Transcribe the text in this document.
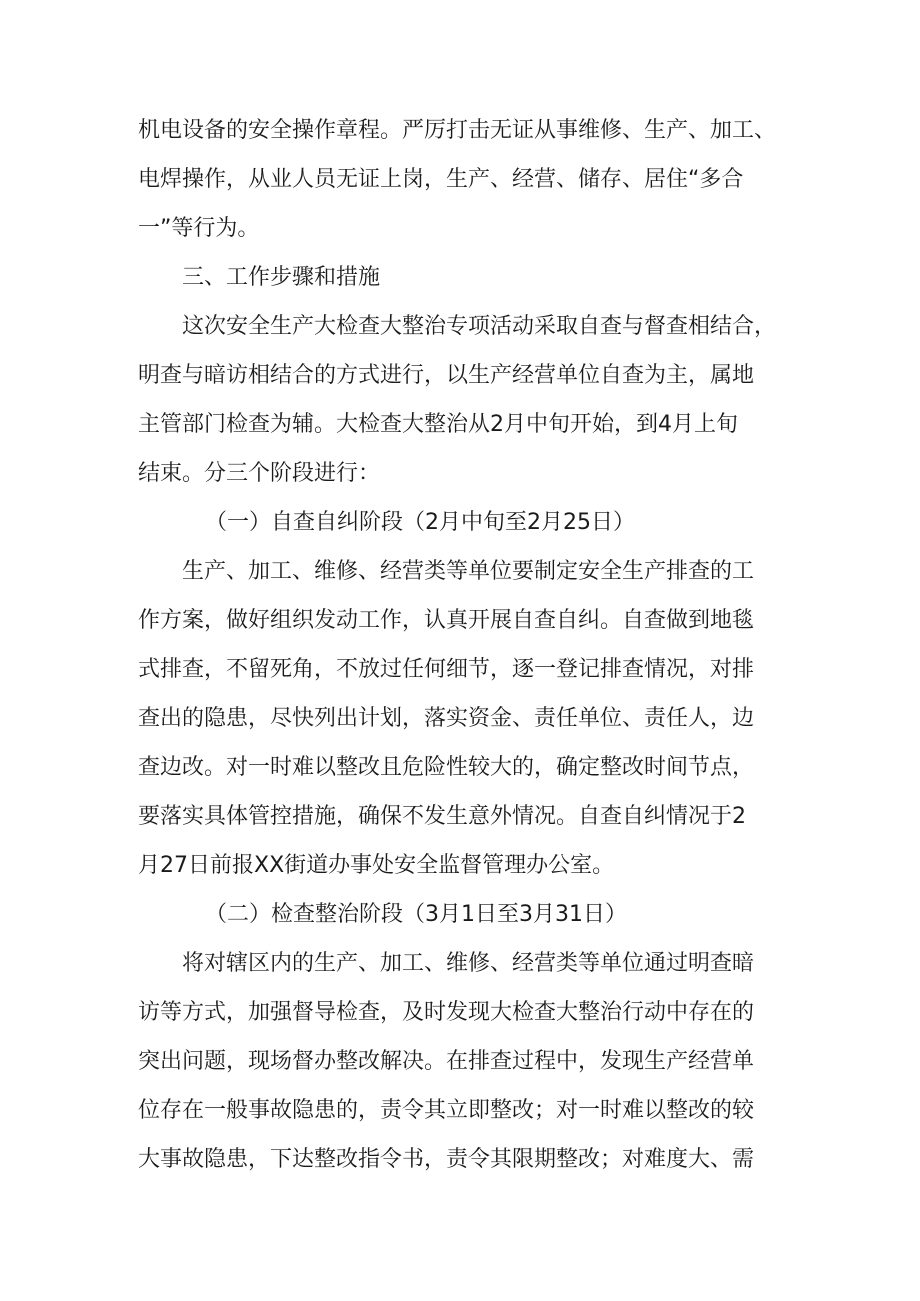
机电设备的安全操作章程。严厉打击无证从事维修、生产、加工、
电焊操作，从业人员无证上岗，生产、经营、储存、居住“多合
一”等行为。
三、工作步骤和措施
这次安全生产大检查大整治专项活动采取自查与督查相结合，
明查与暗访相结合的方式进行，以生产经营单位自查为主，属地
主管部门检查为辅。大检查大整治从2月中旬开始，到4月上旬
结束。分三个阶段进行：
（一）自查自纠阶段（2月中旬至2月25日）
生产、加工、维修、经营类等单位要制定安全生产排查的工
作方案，做好组织发动工作，认真开展自查自纠。自查做到地毯
式排查，不留死角，不放过任何细节，逐一登记排查情况，对排
查出的隐患，尽快列出计划，落实资金、责任单位、责任人，边
查边改。对一时难以整改且危险性较大的，确定整改时间节点，
要落实具体管控措施，确保不发生意外情况。自查自纠情况于2
月27日前报XX街道办事处安全监督管理办公室。
（二）检查整治阶段（3月1日至3月31日）
将对辖区内的生产、加工、维修、经营类等单位通过明查暗
访等方式，加强督导检查，及时发现大检查大整治行动中存在的
突出问题，现场督办整改解决。在排查过程中，发现生产经营单
位存在一般事故隐患的，责令其立即整改；对一时难以整改的较
大事故隐患，下达整改指令书，责令其限期整改；对难度大、需
